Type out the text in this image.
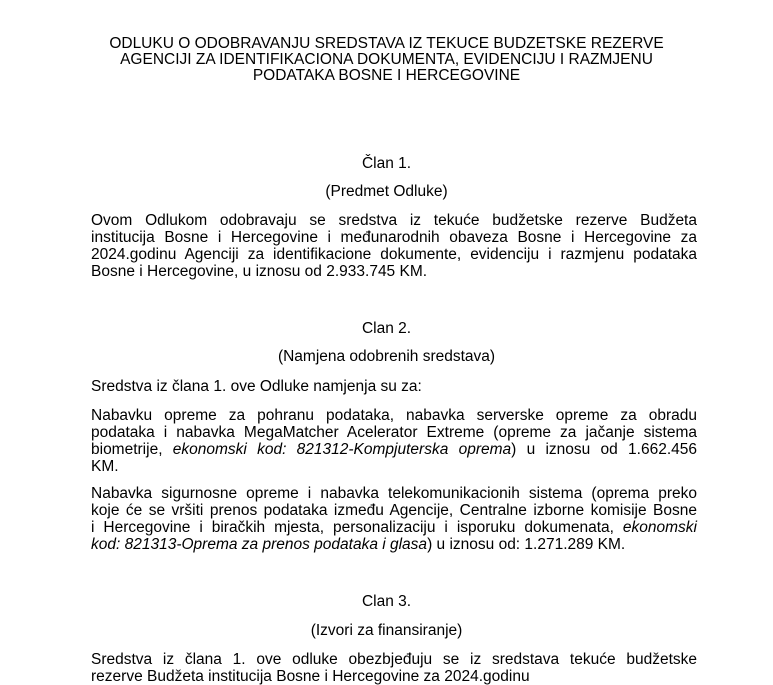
ODLUKU O ODOBRAVANJU SREDSTAVA IZ TEKUCE BUDZETSKE REZERVE
AGENCIJI ZA IDENTIFIKACIONA DOKUMENTA, EVIDENCIJU I RAZMJENU
PODATAKA BOSNE I HERCEGOVINE
Član 1.
(Predmet Odluke)
Ovom Odlukom odobravaju se sredstva iz tekuće budžetske rezerve Budžeta
institucija Bosne i Hercegovine i međunarodnih obaveza Bosne i Hercegovine za
2024.godinu Agenciji za identifikacione dokumente, evidenciju i razmjenu podataka
Bosne i Hercegovine, u iznosu od 2.933.745 KM.
Clan 2.
(Namjena odobrenih sredstava)
Sredstva iz člana 1. ove Odluke namjenja su za:
Nabavku opreme za pohranu podataka, nabavka serverske opreme za obradu
podataka i nabavka MegaMatcher Acelerator Extreme (opreme za jačanje sistema
biometrije, ekonomski kod: 821312-Kompjuterska oprema) u iznosu od 1.662.456
KM.
Nabavka sigurnosne opreme i nabavka telekomunikacionih sistema (oprema preko
koje će se vršiti prenos podataka između Agencije, Centralne izborne komisije Bosne
i Hercegovine i biračkih mjesta, personalizaciju i isporuku dokumenata, ekonomski
kod: 821313-Oprema za prenos podataka i glasa) u iznosu od: 1.271.289 KM.
Clan 3.
(Izvori za finansiranje)
Sredstva iz člana 1. ove odluke obezbjeđuju se iz sredstava tekuće budžetske
rezerve Budžeta institucija Bosne i Hercegovine za 2024.godinu
